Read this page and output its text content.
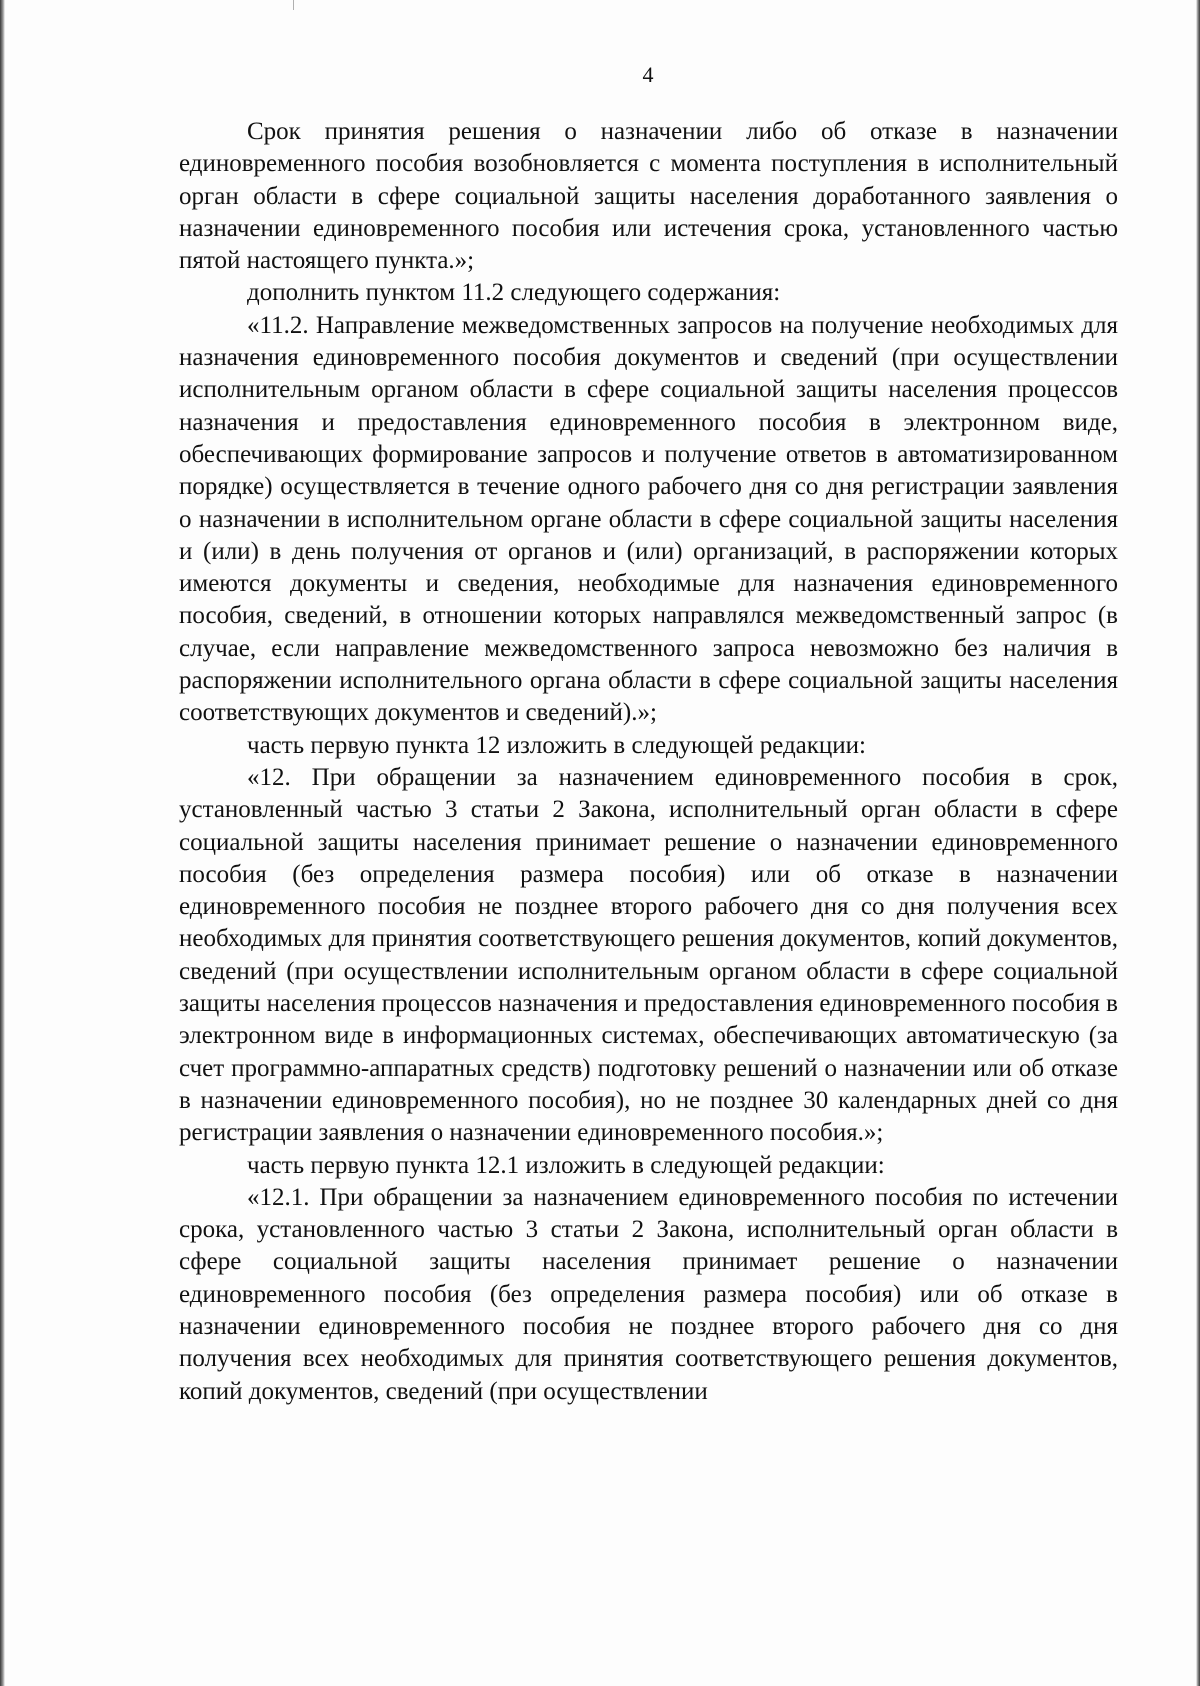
4

Срок принятия решения о назначении либо об отказе в назначении единовременного пособия возобновляется с момента поступления в исполнительный орган области в сфере социальной защиты населения доработанного заявления о назначении единовременного пособия или истечения срока, установленного частью пятой настоящего пункта.»;

дополнить пунктом 11.2 следующего содержания:

«11.2. Направление межведомственных запросов на получение необходимых для назначения единовременного пособия документов и сведений (при осуществлении исполнительным органом области в сфере социальной защиты населения процессов назначения и предоставления единовременного пособия в электронном виде, обеспечивающих формирование запросов и получение ответов в автоматизированном порядке) осуществляется в течение одного рабочего дня со дня регистрации заявления о назначении в исполнительном органе области в сфере социальной защиты населения и (или) в день получения от органов и (или) организаций, в распоряжении которых имеются документы и сведения, необходимые для назначения единовременного пособия, сведений, в отношении которых направлялся межведомственный запрос (в случае, если направление межведомственного запроса невозможно без наличия в распоряжении исполнительного органа области в сфере социальной защиты населения соответствующих документов и сведений).»;

часть первую пункта 12 изложить в следующей редакции:

«12. При обращении за назначением единовременного пособия в срок, установленный частью 3 статьи 2 Закона, исполнительный орган области в сфере социальной защиты населения принимает решение о назначении единовременного пособия (без определения размера пособия) или об отказе в назначении единовременного пособия не позднее второго рабочего дня со дня получения всех необходимых для принятия соответствующего решения документов, копий документов, сведений (при осуществлении исполнительным органом области в сфере социальной защиты населения процессов назначения и предоставления единовременного пособия в электронном виде в информационных системах, обеспечивающих автоматическую (за счет программно-аппаратных средств) подготовку решений о назначении или об отказе в назначении единовременного пособия), но не позднее 30 календарных дней со дня регистрации заявления о назначении единовременного пособия.»;

часть первую пункта 12.1 изложить в следующей редакции:

«12.1. При обращении за назначением единовременного пособия по истечении срока, установленного частью 3 статьи 2 Закона, исполнительный орган области в сфере социальной защиты населения принимает решение о назначении единовременного пособия (без определения размера пособия) или об отказе в назначении единовременного пособия не позднее второго рабочего дня со дня получения всех необходимых для принятия соответствующего решения документов, копий документов, сведений (при осуществлении
